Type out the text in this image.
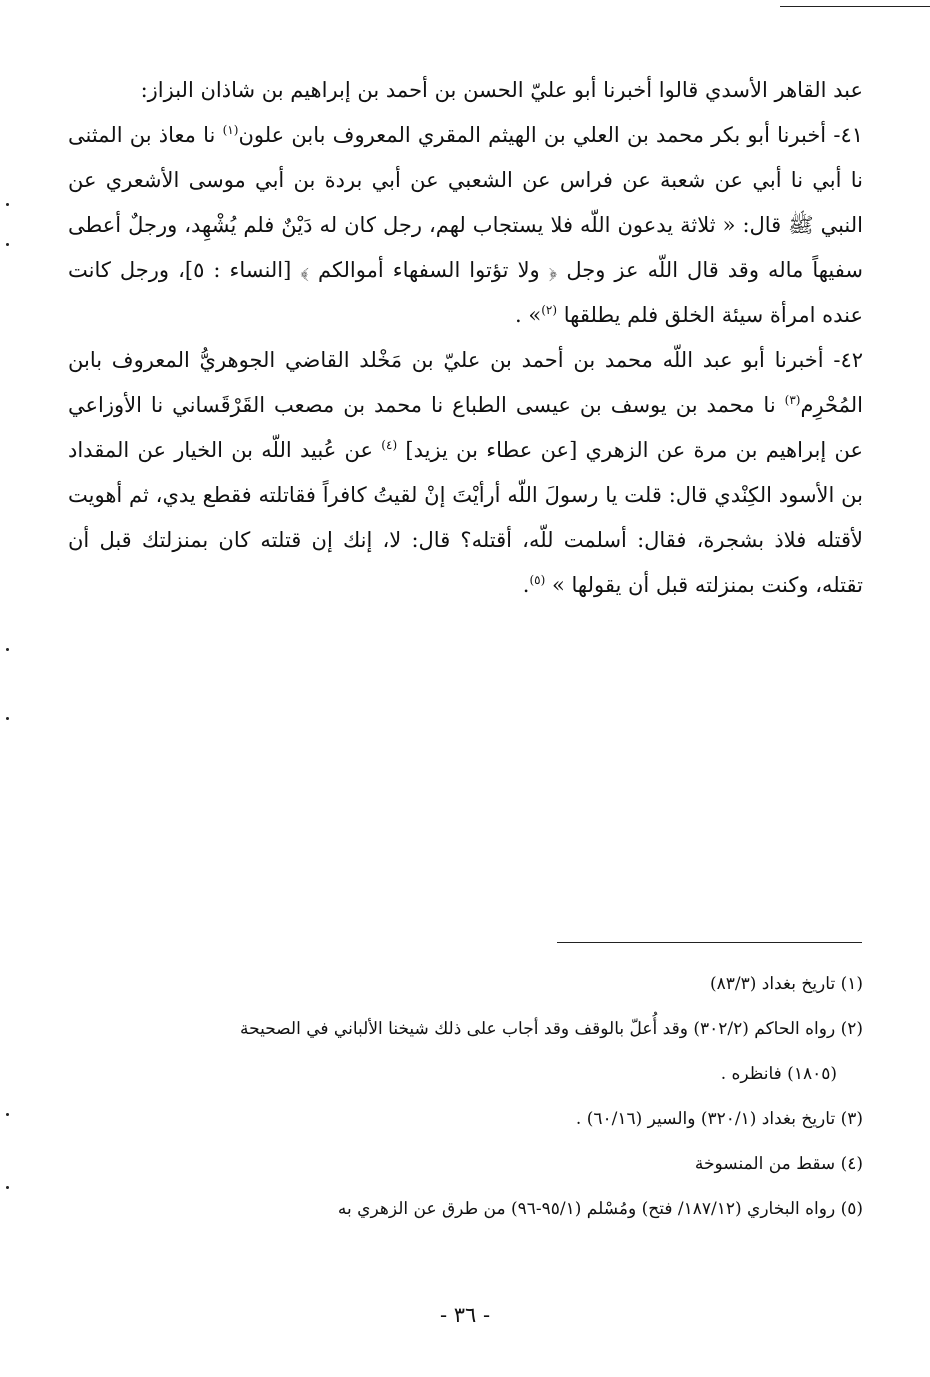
عبد القاهر الأسدي قالوا أخبرنا أبو عليّ الحسن بن أحمد بن إبراهيم بن شاذان البزاز:

٤١- أخبرنا أبو بكر محمد بن العلي بن الهيثم المقري المعروف بابن علون$^{(١)}$ نا معاذ بن المثنى نا أبي نا أبي عن شعبة عن فراس عن الشعبي عن أبي بردة بن أبي موسى الأشعري عن النبي ﷺ قال: « ثلاثة يدعون اللّه فلا يستجاب لهم، رجل كان له دَيْنٌ فلم يُشْهِد، ورجلٌ أعطى سفيهاً ماله وقد قال اللّه عز وجل ﴿ ولا تؤتوا السفهاء أموالكم ﴾ [النساء : ٥]، ورجل كانت عنده امرأة سيئة الخلق فلم يطلقها $^{(٢)}$» .

٤٢- أخبرنا أبو عبد اللّه محمد بن أحمد بن عليّ بن مَخْلد القاضي الجوهريُّ المعروف بابن المُحْرِم$^{(٣)}$ نا محمد بن يوسف بن عيسى الطباع نا محمد بن مصعب القَرْقَساني نا الأوزاعي عن إبراهيم بن مرة عن الزهري [عن عطاء بن يزيد] $^{(٤)}$ عن عُبيد اللّه بن الخيار عن المقداد بن الأسود الكِنْدي قال: قلت يا رسولَ اللّه أرأيْتَ إنْ لقيتُ كافراً فقاتلته فقطع يدي، ثم أهويت لأقتله فلاذ بشجرة، فقال: أسلمت للّه، أقتله؟ قال: لا، إنك إن قتلته كان بمنزلتك قبل أن تقتله، وكنت بمنزلته قبل أن يقولها » $^{(٥)}$.

(١) تاريخ بغداد (٨٣/٣)

(٢) رواه الحاكم (٣٠٢/٢) وقد أُعلّ بالوقف وقد أجاب على ذلك شيخنا الألباني في الصحيحة

(١٨٠٥) فانظره .

(٣) تاريخ بغداد (٣٢٠/١) والسير (٦٠/١٦) .

(٤) سقط من المنسوخة

(٥) رواه البخاري (١٨٧/١٢/ فتح) ومُسْلم (٩٥/١-٩٦) من طرق عن الزهري به

- ٣٦ -
